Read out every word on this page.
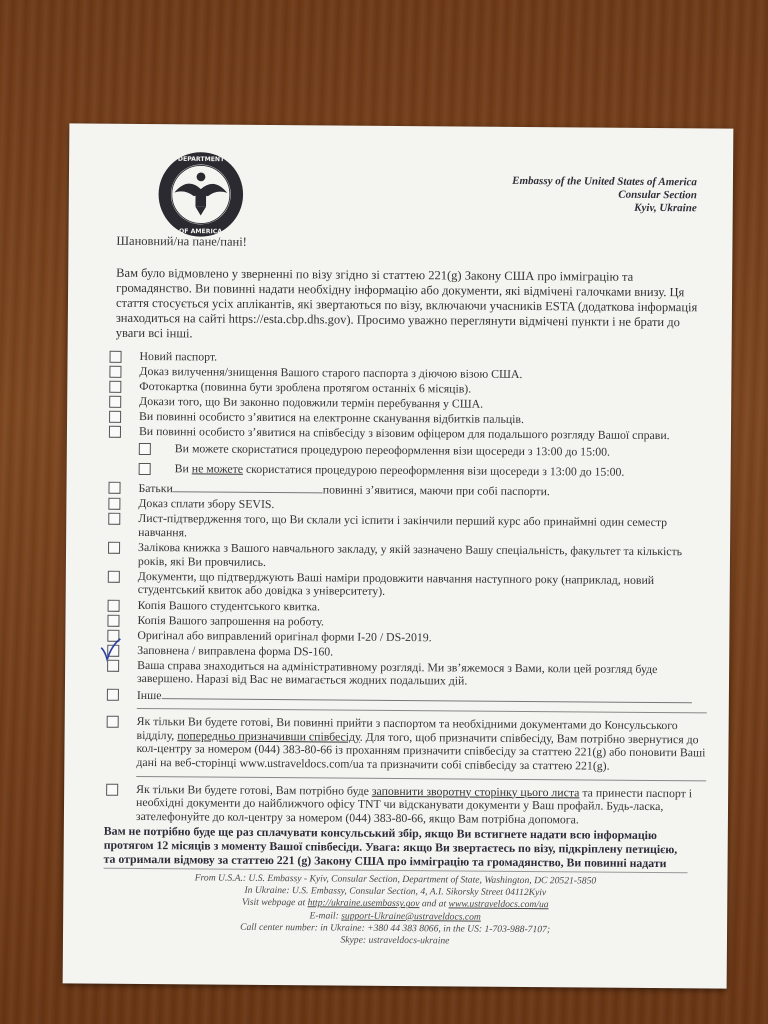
DEPARTMENT
OF AMERICA
Embassy of the United States of America
Consular Section
Kyiv, Ukraine
Шановний/на пане/пані!
Вам було відмовлено у зверненні по візу згідно зі статтею 221(g) Закону США про імміграцію та громадянство. Ви повинні надати необхідну інформацію або документи, які відмічені галочками внизу. Ця стаття стосується усіх аплікантів, які звертаються по візу, включаючи учасників ESTA (додаткова інформація знаходиться на сайті https://esta.cbp.dhs.gov). Просимо уважно переглянути відмічені пункти і не брати до уваги всі інші.
Новий паспорт.
Доказ вилучення/знищення Вашого старого паспорта з діючою візою США.
Фотокартка (повинна бути зроблена протягом останніх 6 місяців).
Докази того, що Ви законно подовжили термін перебування у США.
Ви повинні особисто з’явитися на електронне сканування відбитків пальців.
Ви повинні особисто з’явитися на співбесіду з візовим офіцером для подальшого розгляду Вашої справи.
Ви можете скористатися процедурою переоформлення візи щосереди з 13:00 до 15:00.
Ви не можете скористатися процедурою переоформлення візи щосереди з 13:00 до 15:00.
Батьки	повинні з’явитися, маючи при собі паспорти.
Доказ сплати збору SEVIS.
Лист-підтвердження того, що Ви склали усі іспити і закінчили перший курс або принаймні один семестр навчання.
Залікова книжка з Вашого навчального закладу, у якій зазначено Вашу спеціальність, факультет та кількість років, які Ви провчились.
Документи, що підтверджують Ваші наміри продовжити навчання наступного року (наприклад, новий студентський квиток або довідка з університету).
Копія Вашого студентського квитка.
Копія Вашого запрошення на роботу.
Оригінал або виправлений оригінал форми I-20 / DS-2019.
Заповнена / виправлена форма DS-160.
Ваша справа знаходиться на адміністративному розгляді. Ми зв’яжемося з Вами, коли цей розгляд буде завершено. Наразі від Вас не вимагається жодних подальших дій.
Інше
Як тільки Ви будете готові, Ви повинні прийти з паспортом та необхідними документами до Консульського відділу, попередньо призначивши співбесіду. Для того, щоб призначити співбесіду, Вам потрібно звернутися до кол-центру за номером (044) 383-80-66 із проханням призначити співбесіду за статтею 221(g) або поновити Ваші дані на веб-сторінці www.ustraveldocs.com/ua та призначити собі співбесіду за статтею 221(g).
Як тільки Ви будете готові, Вам потрібно буде заповнити зворотну сторінку цього листа та принести паспорт і необхідні документи до найближчого офісу TNT чи відсканувати документи у Ваш профайл. Будь-ласка, зателефонуйте до кол-центру за номером (044) 383-80-66, якщо Вам потрібна допомога.
Вам не потрібно буде ще раз сплачувати консульський збір, якщо Ви встигнете надати всю інформацію протягом 12 місяців з моменту Вашої співбесіди. Увага: якщо Ви звертаєтесь по візу, підкріплену петицією, та отримали відмову за статтею 221 (g) Закону США про імміграцію та громадянство, Ви повинні надати
From U.S.A.: U.S. Embassy - Kyiv, Consular Section, Department of State, Washington, DC 20521-5850
In Ukraine: U.S. Embassy, Consular Section, 4, A.I. Sikorsky Street 04112Kyiv
Visit webpage at http://ukraine.usembassy.gov and at www.ustraveldocs.com/ua
E-mail: support-Ukraine@ustraveldocs.com
Call center number: in Ukraine: +380 44 383 8066, in the US: 1-703-988-7107;
Skype: ustraveldocs-ukraine
